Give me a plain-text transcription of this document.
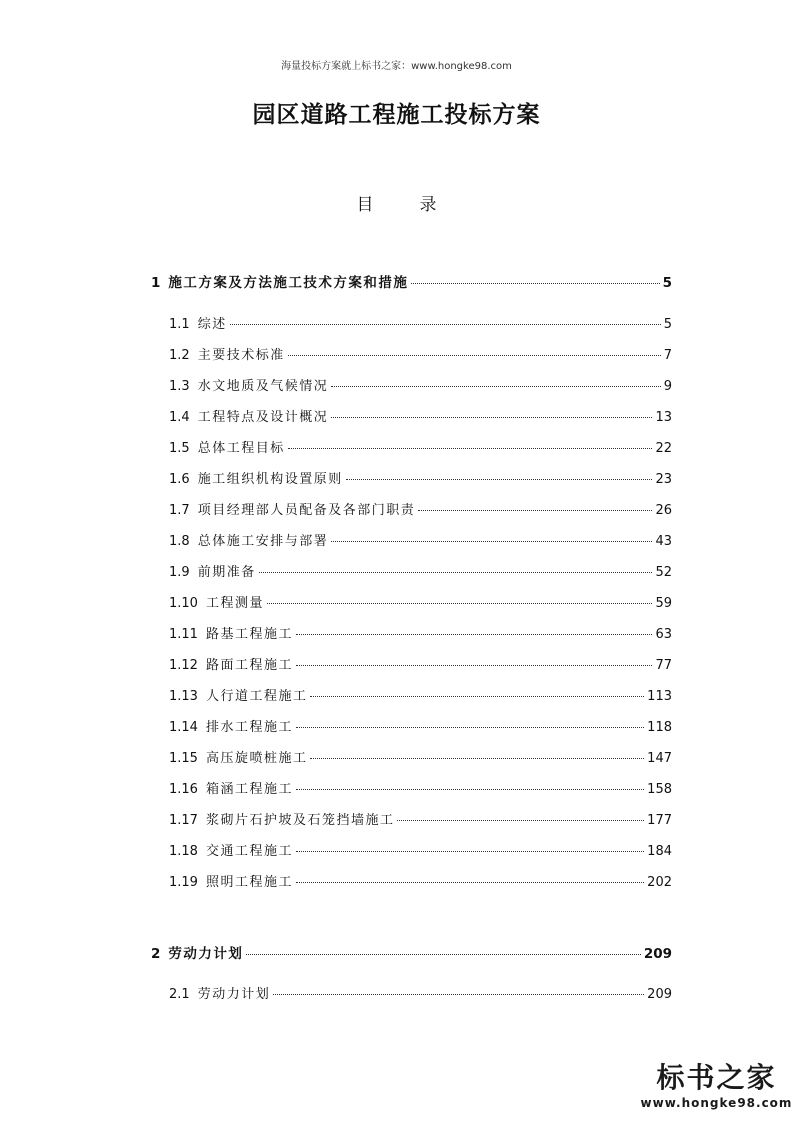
海量投标方案就上标书之家：www.hongke98.com
园区道路工程施工投标方案
目	录
1 施工方案及方法施工技术方案和措施	5
1.1 综述	5
1.2 主要技术标准	7
1.3 水文地质及气候情况	9
1.4 工程特点及设计概况	13
1.5 总体工程目标	22
1.6 施工组织机构设置原则	23
1.7 项目经理部人员配备及各部门职责	26
1.8 总体施工安排与部署	43
1.9 前期准备	52
1.10 工程测量	59
1.11 路基工程施工	63
1.12 路面工程施工	77
1.13 人行道工程施工	113
1.14 排水工程施工	118
1.15 高压旋喷桩施工	147
1.16 箱涵工程施工	158
1.17 浆砌片石护坡及石笼挡墙施工	177
1.18 交通工程施工	184
1.19 照明工程施工	202
2 劳动力计划	209
2.1 劳动力计划	209
标书之家
www.hongke98.com
